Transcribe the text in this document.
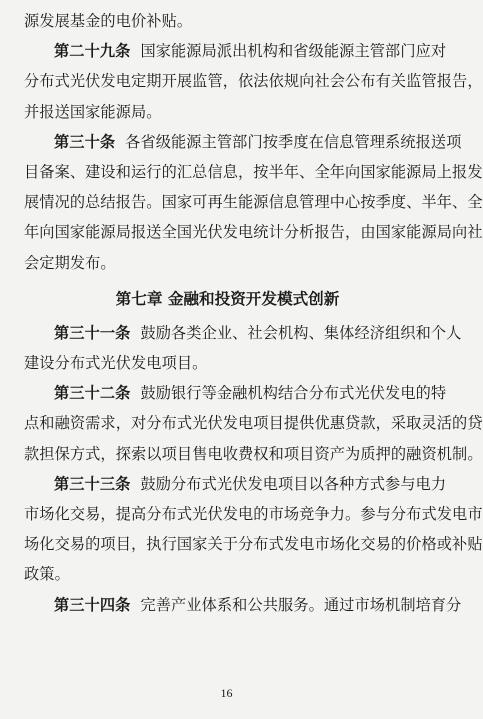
源发展基金的电价补贴。
第二十九条 国家能源局派出机构和省级能源主管部门应对
分布式光伏发电定期开展监管，依法依规向社会公布有关监管报告，
并报送国家能源局。
第三十条 各省级能源主管部门按季度在信息管理系统报送项
目备案、建设和运行的汇总信息，按半年、全年向国家能源局上报发
展情况的总结报告。国家可再生能源信息管理中心按季度、半年、全
年向国家能源局报送全国光伏发电统计分析报告，由国家能源局向社
会定期发布。
第七章 金融和投资开发模式创新
第三十一条 鼓励各类企业、社会机构、集体经济组织和个人
建设分布式光伏发电项目。
第三十二条 鼓励银行等金融机构结合分布式光伏发电的特
点和融资需求，对分布式光伏发电项目提供优惠贷款，采取灵活的贷
款担保方式，探索以项目售电收费权和项目资产为质押的融资机制。
第三十三条 鼓励分布式光伏发电项目以各种方式参与电力
市场化交易，提高分布式光伏发电的市场竞争力。参与分布式发电市
场化交易的项目，执行国家关于分布式发电市场化交易的价格或补贴
政策。
第三十四条 完善产业体系和公共服务。通过市场机制培育分
16
